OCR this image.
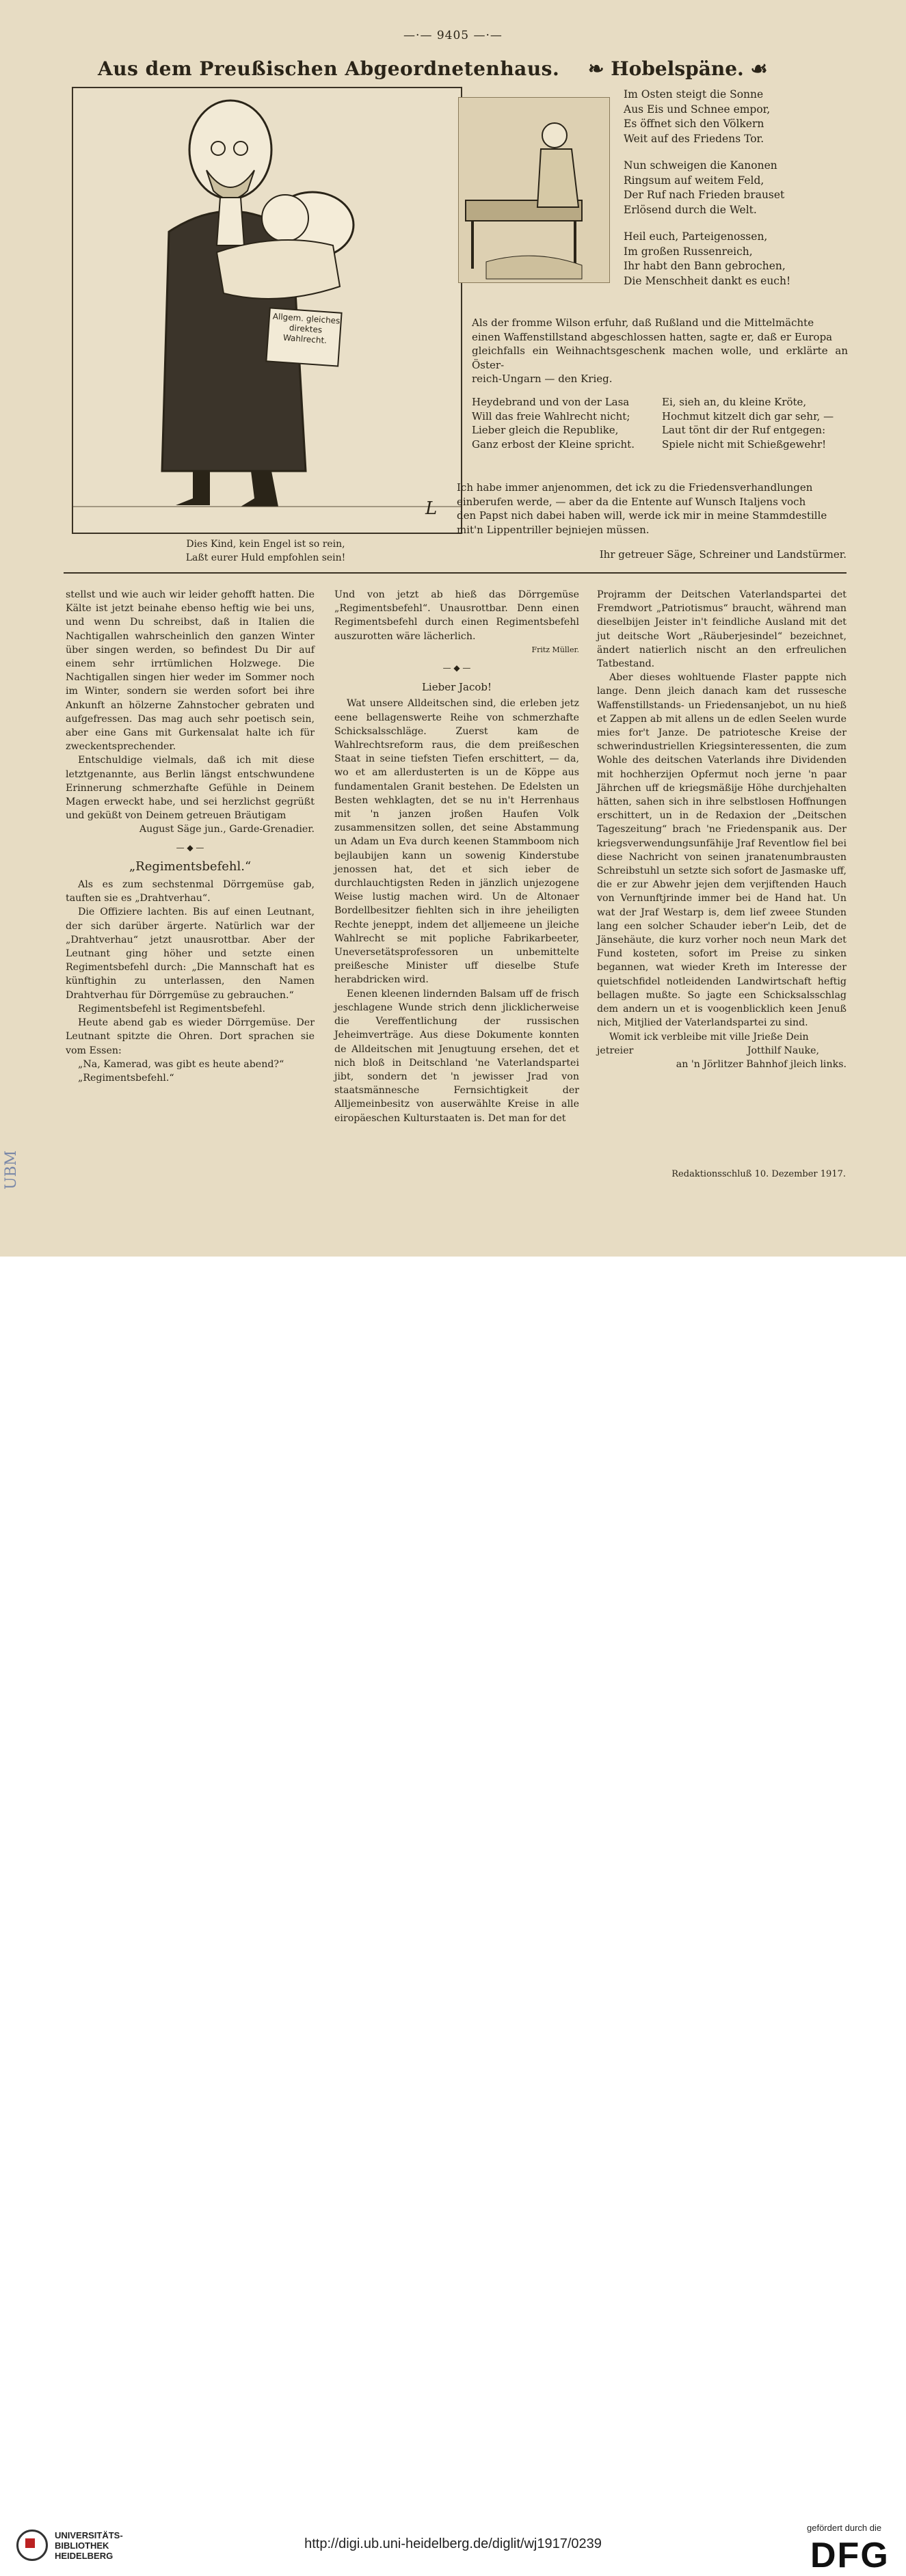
—·— 9405 —·—
Aus dem Preußischen Abgeordnetenhaus. ❧ Hobelspäne. ☙
Allgem. gleiches direktes Wahlrecht.
L
Dies Kind, kein Engel ist so rein,
Laßt eurer Huld empfohlen sein!
Im Osten steigt die Sonne
Aus Eis und Schnee empor,
Es öffnet sich den Völkern
Weit auf des Friedens Tor.
Nun schweigen die Kanonen
Ringsum auf weitem Feld,
Der Ruf nach Frieden brauset
Erlösend durch die Welt.
Heil euch, Parteigenossen,
Im großen Russenreich,
Ihr habt den Bann gebrochen,
Die Menschheit dankt es euch!
Als der fromme Wilson erfuhr, daß Rußland und die Mittelmächte
einen Waffenstillstand abgeschlossen hatten, sagte er, daß er Europa
gleichfalls ein Weihnachtsgeschenk machen wolle, und erklärte an Öster-
reich-Ungarn — den Krieg.
Heydebrand und von der Lasa
Will das freie Wahlrecht nicht;
Lieber gleich die Republike,
Ganz erbost der Kleine spricht.
Ei, sieh an, du kleine Kröte,
Hochmut kitzelt dich gar sehr, —
Laut tönt dir der Ruf entgegen:
Spiele nicht mit Schießgewehr!
Ich habe immer anjenommen, det ick zu die Friedensverhandlungen
einberufen werde, — aber da die Entente auf Wunsch Italjens voch
den Papst nich dabei haben will, werde ick mir in meine Stammdestille
mit'n Lippentriller bejniejen müssen.
Ihr getreuer Säge, Schreiner und Landstürmer.

stellst und wie auch wir leider gehofft hatten. Die Kälte ist jetzt beinahe ebenso heftig wie bei uns, und wenn Du schreibst, daß in Italien die Nachtigallen wahrscheinlich den ganzen Winter über singen werden, so befindest Du Dir auf einem sehr irrtümlichen Holzwege. Die Nachtigallen singen hier weder im Sommer noch im Winter, sondern sie werden sofort bei ihre Ankunft an hölzerne Zahnstocher gebraten und aufgefressen. Das mag auch sehr poetisch sein, aber eine Gans mit Gurkensalat halte ich für zweckentsprechender.

Entschuldige vielmals, daß ich mit diese letztgenannte, aus Berlin längst entschwundene Erinnerung schmerzhafte Gefühle in Deinem Magen erweckt habe, und sei herzlichst gegrüßt und geküßt von Deinem getreuen Bräutigam

August Säge jun., Garde-Grenadier.

— ◆ —

„Regimentsbefehl.“

Als es zum sechstenmal Dörrgemüse gab, tauften sie es „Drahtverhau“.

Die Offiziere lachten. Bis auf einen Leutnant, der sich darüber ärgerte. Natürlich war der „Drahtverhau“ jetzt unausrottbar. Aber der Leutnant ging höher und setzte einen Regimentsbefehl durch: „Die Mannschaft hat es künftighin zu unterlassen, den Namen Drahtverhau für Dörrgemüse zu gebrauchen.“

Regimentsbefehl ist Regimentsbefehl.

Heute abend gab es wieder Dörrgemüse. Der Leutnant spitzte die Ohren. Dort sprachen sie vom Essen:

„Na, Kamerad, was gibt es heute abend?“

„Regimentsbefehl.“

Und von jetzt ab hieß das Dörrgemüse „Regimentsbefehl“. Unausrottbar. Denn einen Regimentsbefehl durch einen Regimentsbefehl auszurotten wäre lächerlich.

Fritz Müller.

— ◆ —

Lieber Jacob!

Wat unsere Alldeitschen sind, die erleben jetz eene bellagenswerte Reihe von schmerzhafte Schicksalsschläge. Zuerst kam de Wahlrechtsreform raus, die dem preißeschen Staat in seine tiefsten Tiefen erschittert, — da, wo et am allerdusterten is un de Köppe aus fundamentalen Granit bestehen. De Edelsten un Besten wehklagten, det se nu in't Herrenhaus mit 'n janzen jroßen Haufen Volk zusammensitzen sollen, det seine Abstammung un Adam un Eva durch keenen Stammboom nich bejlaubijen kann un sowenig Kinderstube jenossen hat, det et sich ieber de durchlauchtigsten Reden in jänzlich unjezogene Weise lustig machen wird. Un de Altonaer Bordellbesitzer fiehlten sich in ihre jeheiligten Rechte jeneppt, indem det alljemeene un jleiche Wahlrecht se mit popliche Fabrikarbeeter, Uneversetätsprofessoren un unbemittelte preißesche Minister uff dieselbe Stufe herabdricken wird.

Eenen kleenen lindernden Balsam uff de frisch jeschlagene Wunde strich denn jlicklicherweise die Vereffentlichung der russischen Jeheimverträge. Aus diese Dokumente konnten de Alldeitschen mit Jenugtuung ersehen, det et nich bloß in Deitschland 'ne Vaterlandspartei jibt, sondern det 'n jewisser Jrad von staatsmännesche Fernsichtigkeit der Alljemeinbesitz von auserwählte Kreise in alle eiropäeschen Kulturstaaten is. Det man for det

Projramm der Deitschen Vaterlandspartei det Fremdwort „Patriotismus“ braucht, während man dieselbijen Jeister in't feindliche Ausland mit det jut deitsche Wort „Räuberjesindel“ bezeichnet, ändert natierlich nischt an den erfreulichen Tatbestand.

Aber dieses wohltuende Flaster pappte nich lange. Denn jleich danach kam det russesche Waffenstillstands- un Friedensanjebot, un nu hieß et Zappen ab mit allens un de edlen Seelen wurde mies for't Janze. De patriotesche Kreise der schwerindustriellen Kriegsinteressenten, die zum Wohle des deitschen Vaterlands ihre Dividenden mit hochherzijen Opfermut noch jerne 'n paar Jährchen uff de kriegsmäßije Höhe durchjehalten hätten, sahen sich in ihre selbstlosen Hoffnungen erschittert, un in de Redaxion der „Deitschen Tageszeitung“ brach 'ne Friedenspanik aus. Der kriegsverwendungsunfähije Jraf Reventlow fiel bei diese Nachricht von seinen jranatenumbrausten Schreibstuhl un setzte sich sofort de Jasmaske uff, die er zur Abwehr jejen dem verjiftenden Hauch von Vernunftjrinde immer bei de Hand hat. Un wat der Jraf Westarp is, dem lief zweee Stunden lang een solcher Schauder ieber'n Leib, det de Jänsehäute, die kurz vorher noch neun Mark det Fund kosteten, sofort im Preise zu sinken begannen, wat wieder Kreth im Interesse der quietschfidel notleidenden Landwirtschaft heftig bellagen mußte. So jagte een Schicksalsschlag dem andern un et is voogenblicklich keen Jenuß nich, Mitjlied der Vaterlandspartei zu sind.

Womit ick verbleibe mit ville Jrieße Dein

jetreier	Jotthilf Nauke,

an 'n Jörlitzer Bahnhof jleich links.

Redaktionsschluß 10. Dezember 1917.
UBM
UNIVERSITÄTS-
BIBLIOTHEK
HEIDELBERG
http://digi.ub.uni-heidelberg.de/diglit/wj1917/0239
gefördert durch die
DFG
